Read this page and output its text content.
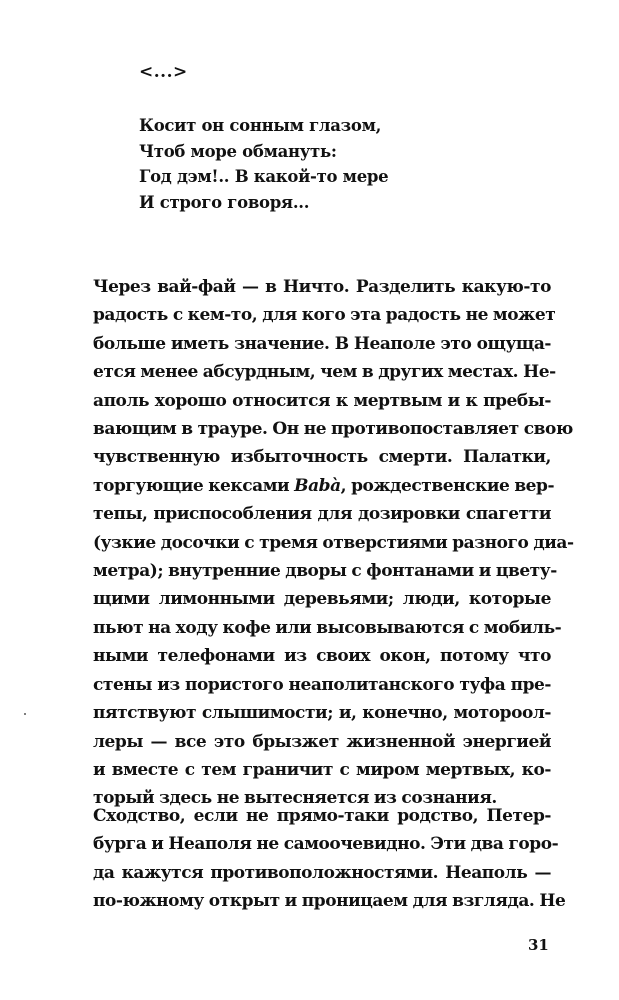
<...>
Косит он сонным глазом,
Чтоб море обмануть:
Год дэм!.. В какой-то мере
И строго говоря...
Через вай-фай — в Ничто. Разделить какую-то
радость с кем-то, для кого эта радость не может
больше иметь значение. В Неаполе это ощуща-
ется менее абсурдным, чем в других местах. Не-
аполь хорошо относится к мертвым и к пребы-
вающим в трауре. Он не противопоставляет свою
чувственную избыточность смерти. Палатки,
торгующие кексами Babà, рождественские вер-
тепы, приспособления для дозировки спагетти
(узкие досочки с тремя отверстиями разного диа-
метра); внутренние дворы с фонтанами и цвету-
щими лимонными деревьями; люди, которые
пьют на ходу кофе или высовываются с мобиль-
ными телефонами из своих окон, потому что
стены из пористого неаполитанского туфа пре-
пятствуют слышимости; и, конечно, мотороол-
леры — все это брызжет жизненной энергией
и вместе с тем граничит с миром мертвых, ко-
торый здесь не вытесняется из сознания.
Сходство, если не прямо-таки родство, Петер-
бурга и Неаполя не самоочевидно. Эти два горо-
да кажутся противоположностями. Неаполь —
по-южному открыт и проницаем для взгляда. Не
31
